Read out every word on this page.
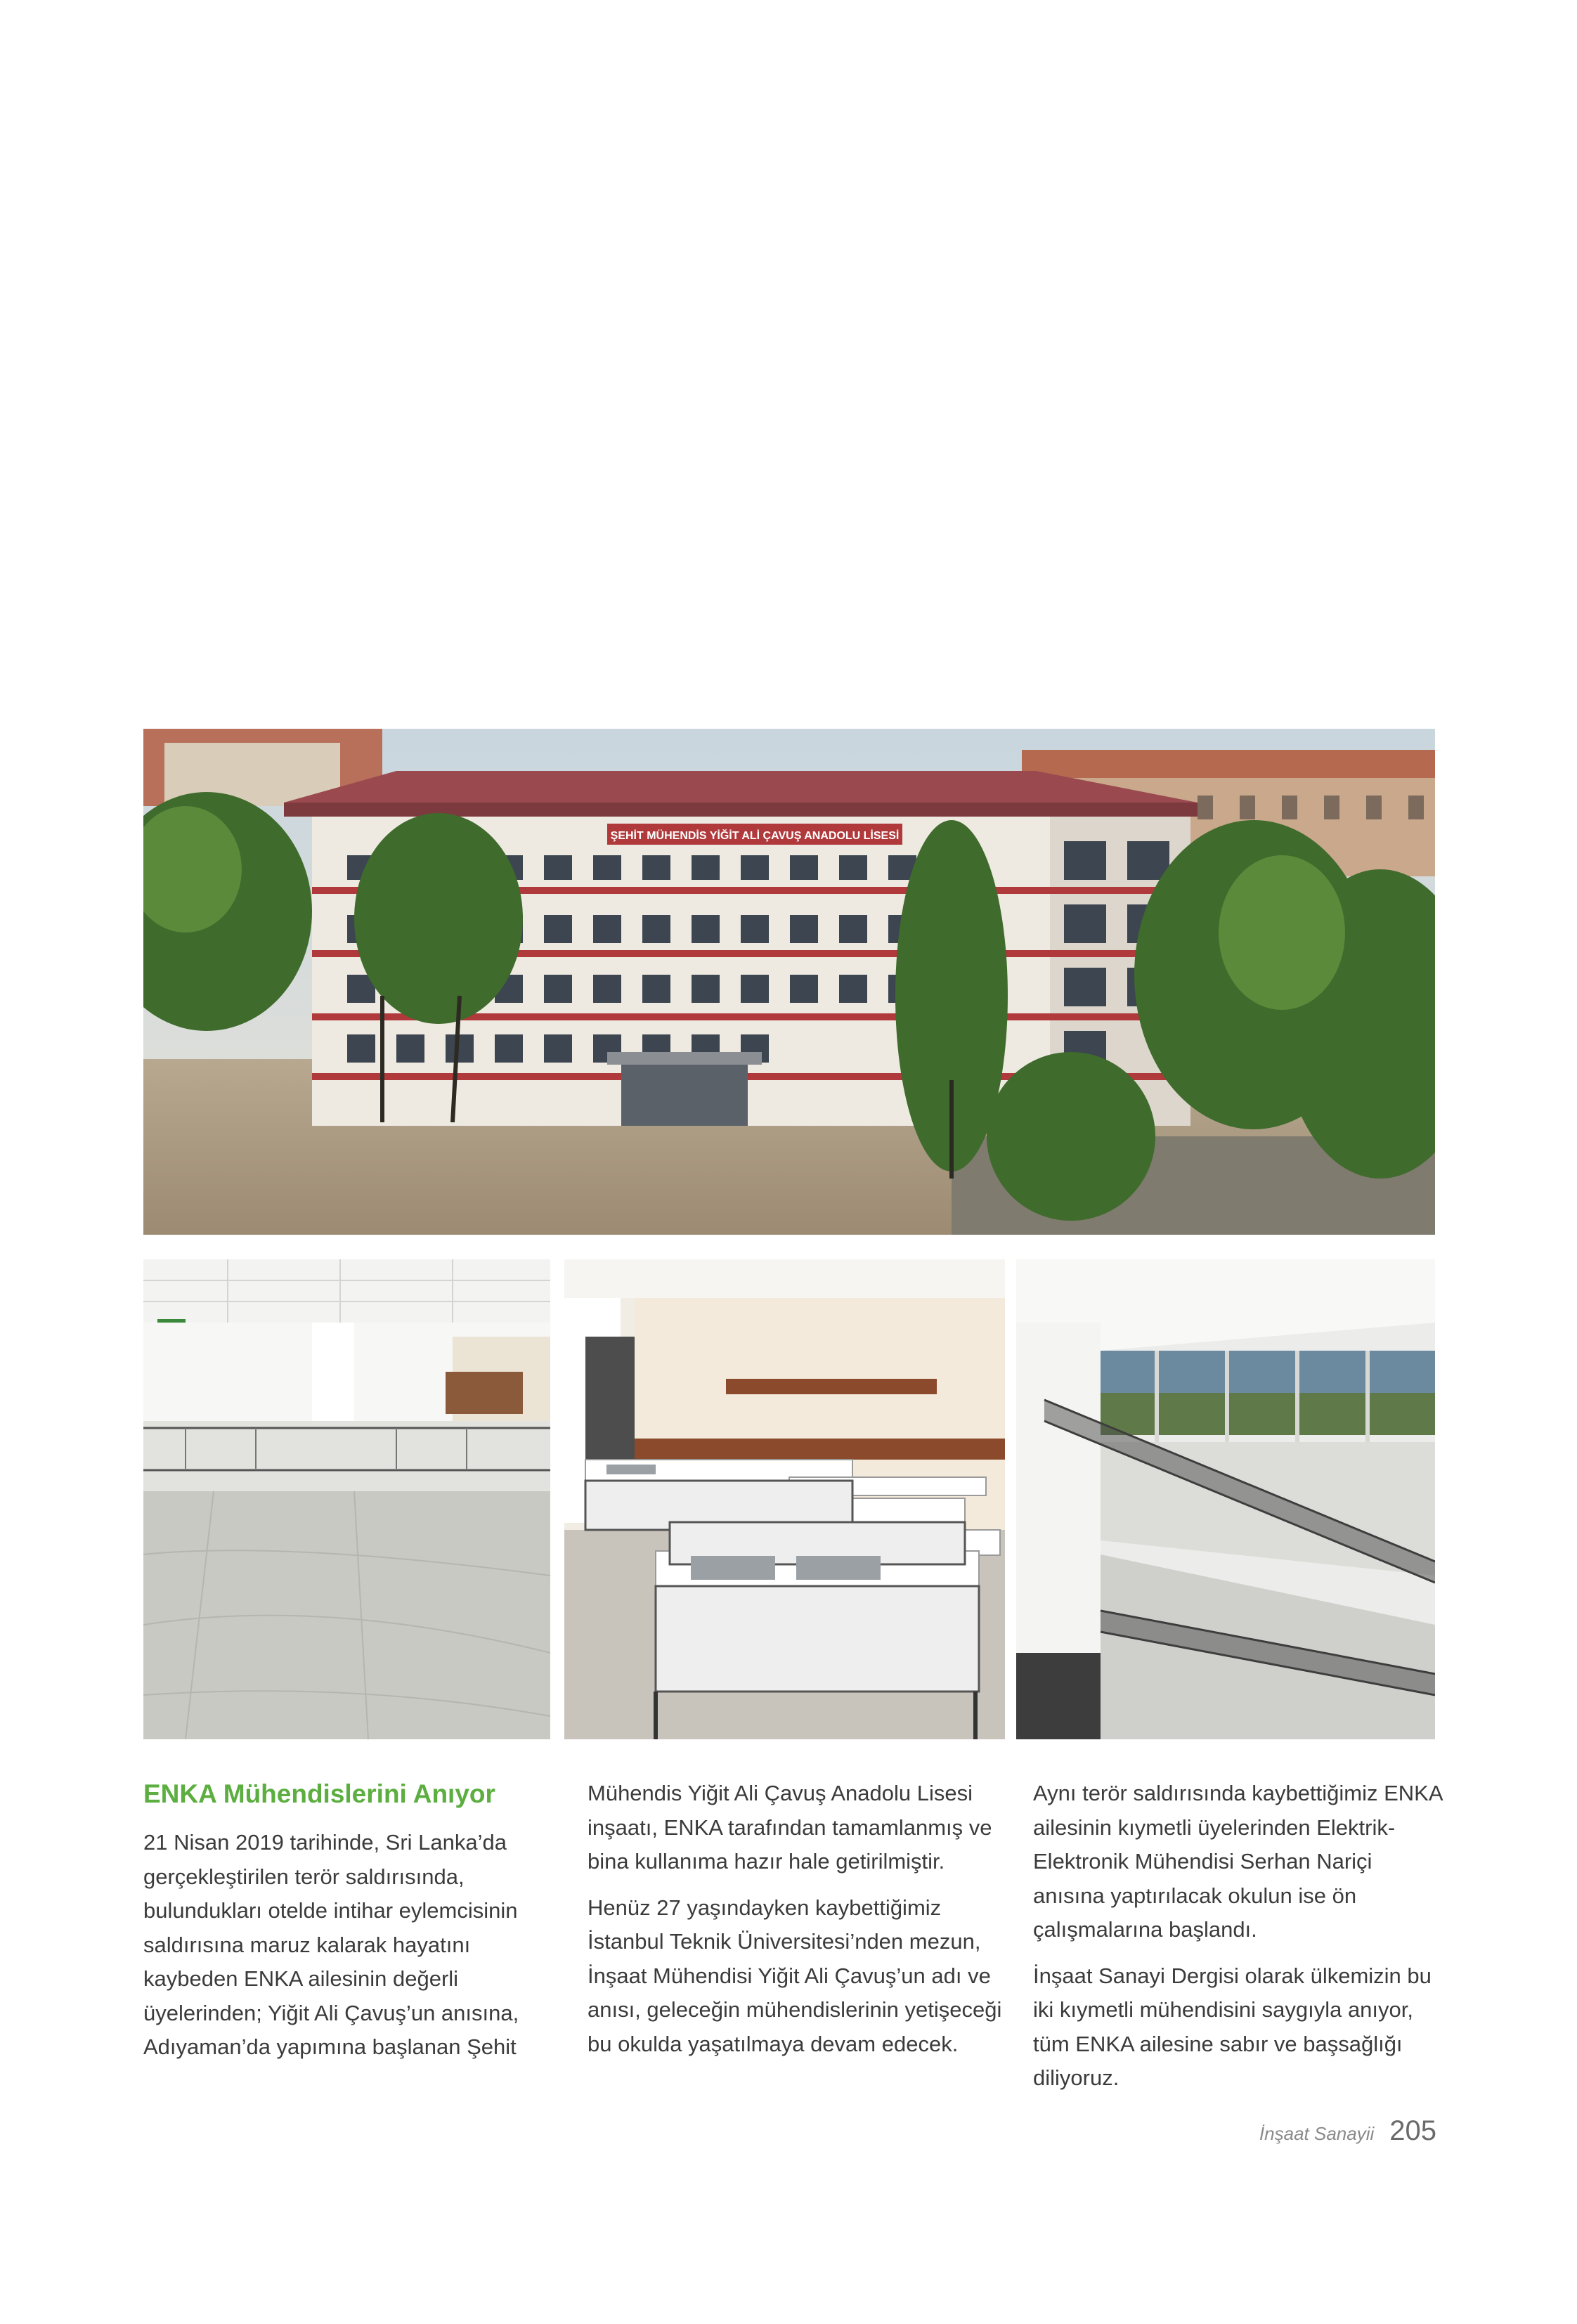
ŞEHİT MÜHENDİS YİĞİT ALİ ÇAVUŞ ANADOLU LİSESİ
ENKA Mühendislerini Anıyor

21 Nisan 2019 tarihinde, Sri Lanka’da gerçekleştirilen terör saldırısında, bulundukları otelde intihar eylemcisinin saldırısına maruz kalarak hayatını kaybeden ENKA ailesinin değerli üyelerinden; Yiğit Ali Çavuş’un anısına, Adıyaman’da yapımına başlanan Şehit

Mühendis Yiğit Ali Çavuş Anadolu Lisesi inşaatı, ENKA tarafından tamamlanmış ve bina kullanıma hazır hale getirilmiştir.

Henüz 27 yaşındayken kaybettiğimiz İstanbul Teknik Üniversitesi’nden mezun, İnşaat Mühendisi Yiğit Ali Çavuş’un adı ve anısı, geleceğin mühendislerinin yetişeceği bu okulda yaşatılmaya devam edecek.

Aynı terör saldırısında kaybettiğimiz ENKA ailesinin kıymetli üyelerinden Elektrik-Elektronik Mühendisi Serhan Nariçi anısına yaptırılacak okulun ise ön çalışmalarına başlandı.

İnşaat Sanayi Dergisi olarak ülkemizin bu iki kıymetli mühendisini saygıyla anıyor, tüm ENKA ailesine sabır ve başsağlığı diliyoruz.

İnşaat Sanayii 205
